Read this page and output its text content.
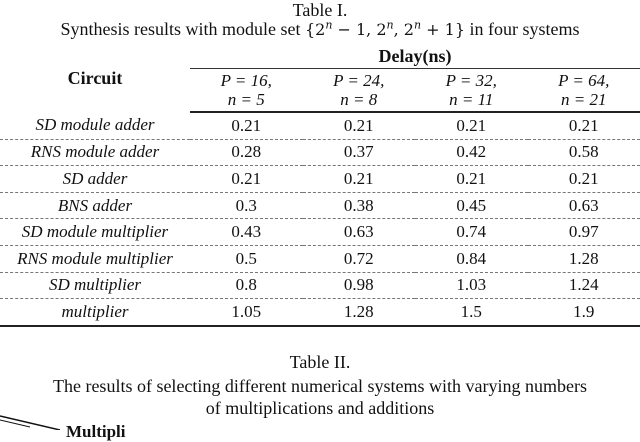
Table I.
Synthesis results with module set {$2^n - 1$, 2$^n$, $2^n + 1$} in four systems
Circuit	Delay(ns)			

	P = 16,
n = 5	P = 24,
n = 8	P = 32,
n = 11	P = 64,
n = 21

SD module adder	0.21	0.21	0.21	0.21
RNS module adder	0.28	0.37	0.42	0.58
SD adder	0.21	0.21	0.21	0.21
BNS adder	0.3	0.38	0.45	0.63
SD module multiplier	0.43	0.63	0.74	0.97
RNS module multiplier	0.5	0.72	0.84	1.28
SD multiplier	0.8	0.98	1.03	1.24
multiplier	1.05	1.28	1.5	1.9
Table II.
The results of selecting different numerical systems with varying numbers
of multiplications and additions
Multipli
